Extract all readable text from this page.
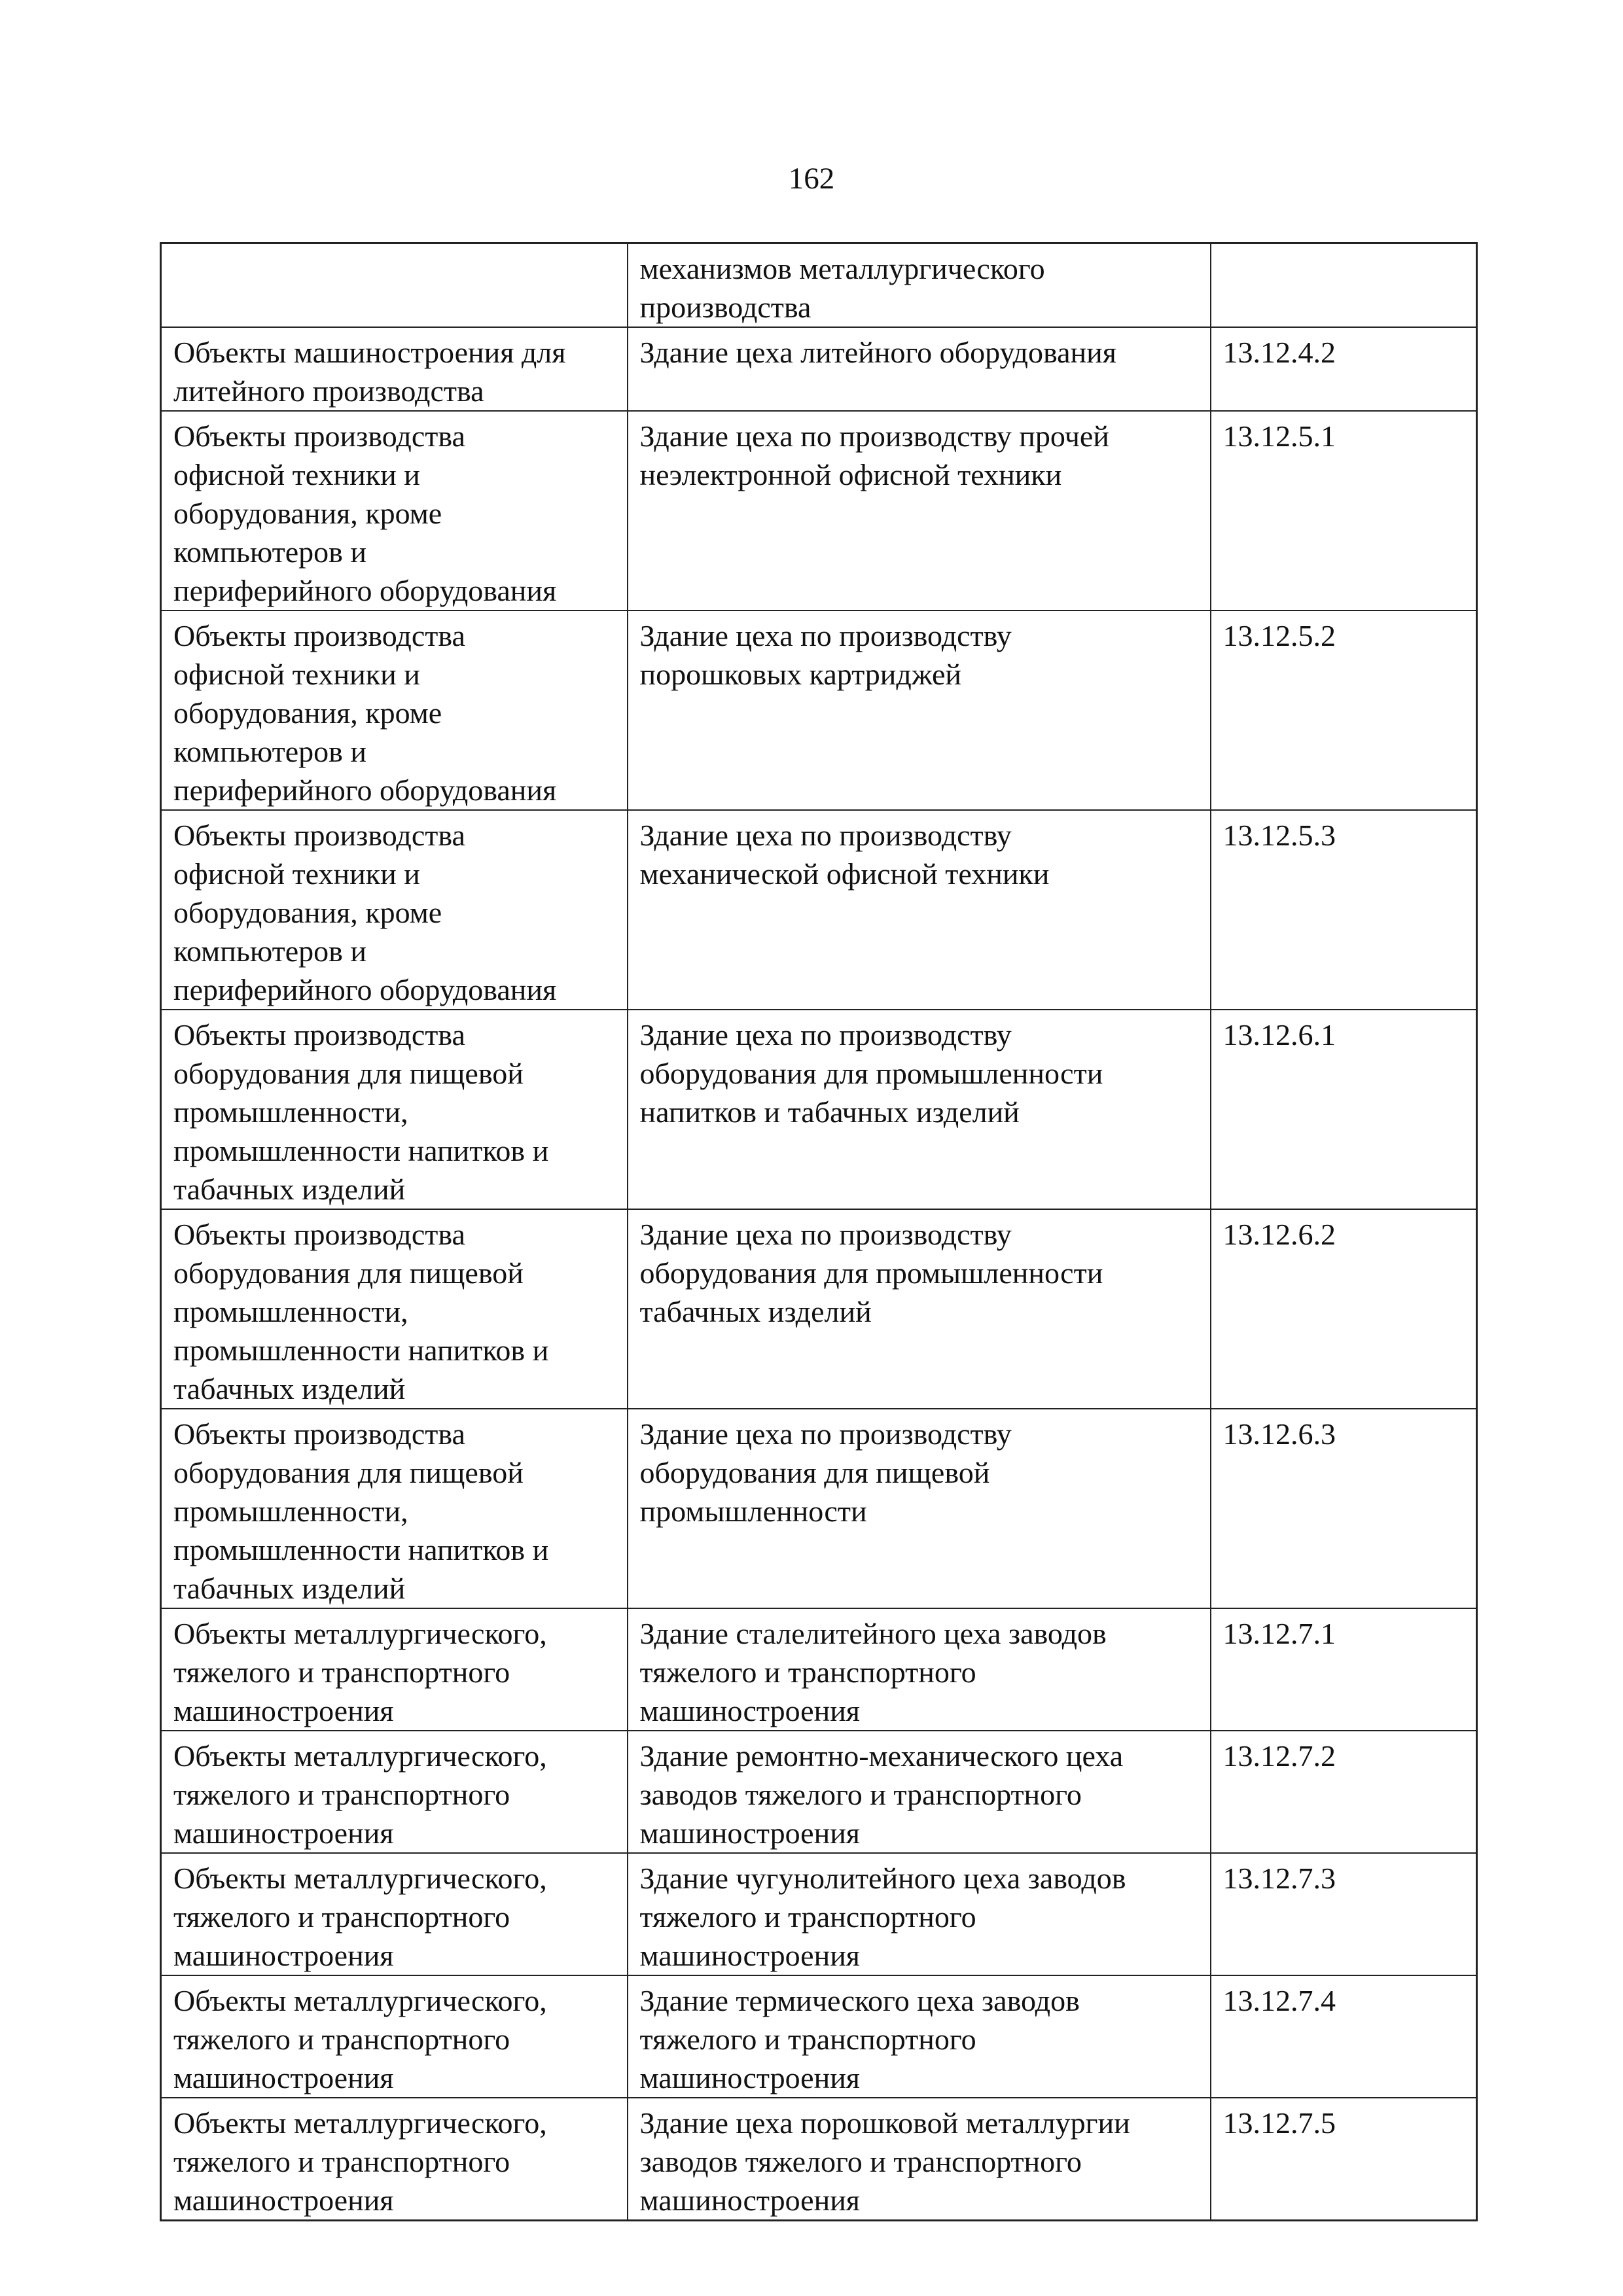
162

	механизмов металлургического
производства	

Объекты машиностроения для
литейного производства	Здание цеха литейного оборудования	13.12.4.2

Объекты производства
офисной техники и
оборудования, кроме
компьютеров и
периферийного оборудования	Здание цеха по производству прочей
неэлектронной офисной техники	13.12.5.1

Объекты производства
офисной техники и
оборудования, кроме
компьютеров и
периферийного оборудования	Здание цеха по производству
порошковых картриджей	13.12.5.2

Объекты производства
офисной техники и
оборудования, кроме
компьютеров и
периферийного оборудования	Здание цеха по производству
механической офисной техники	13.12.5.3

Объекты производства
оборудования для пищевой
промышленности,
промышленности напитков и
табачных изделий	Здание цеха по производству
оборудования для промышленности
напитков и табачных изделий	13.12.6.1

Объекты производства
оборудования для пищевой
промышленности,
промышленности напитков и
табачных изделий	Здание цеха по производству
оборудования для промышленности
табачных изделий	13.12.6.2

Объекты производства
оборудования для пищевой
промышленности,
промышленности напитков и
табачных изделий	Здание цеха по производству
оборудования для пищевой
промышленности	13.12.6.3

Объекты металлургического,
тяжелого и транспортного
машиностроения	Здание сталелитейного цеха заводов
тяжелого и транспортного
машиностроения	13.12.7.1

Объекты металлургического,
тяжелого и транспортного
машиностроения	Здание ремонтно-механического цеха
заводов тяжелого и транспортного
машиностроения	13.12.7.2

Объекты металлургического,
тяжелого и транспортного
машиностроения	Здание чугунолитейного цеха заводов
тяжелого и транспортного
машиностроения	13.12.7.3

Объекты металлургического,
тяжелого и транспортного
машиностроения	Здание термического цеха заводов
тяжелого и транспортного
машиностроения	13.12.7.4

Объекты металлургического,
тяжелого и транспортного
машиностроения	Здание цеха порошковой металлургии
заводов тяжелого и транспортного
машиностроения	13.12.7.5
